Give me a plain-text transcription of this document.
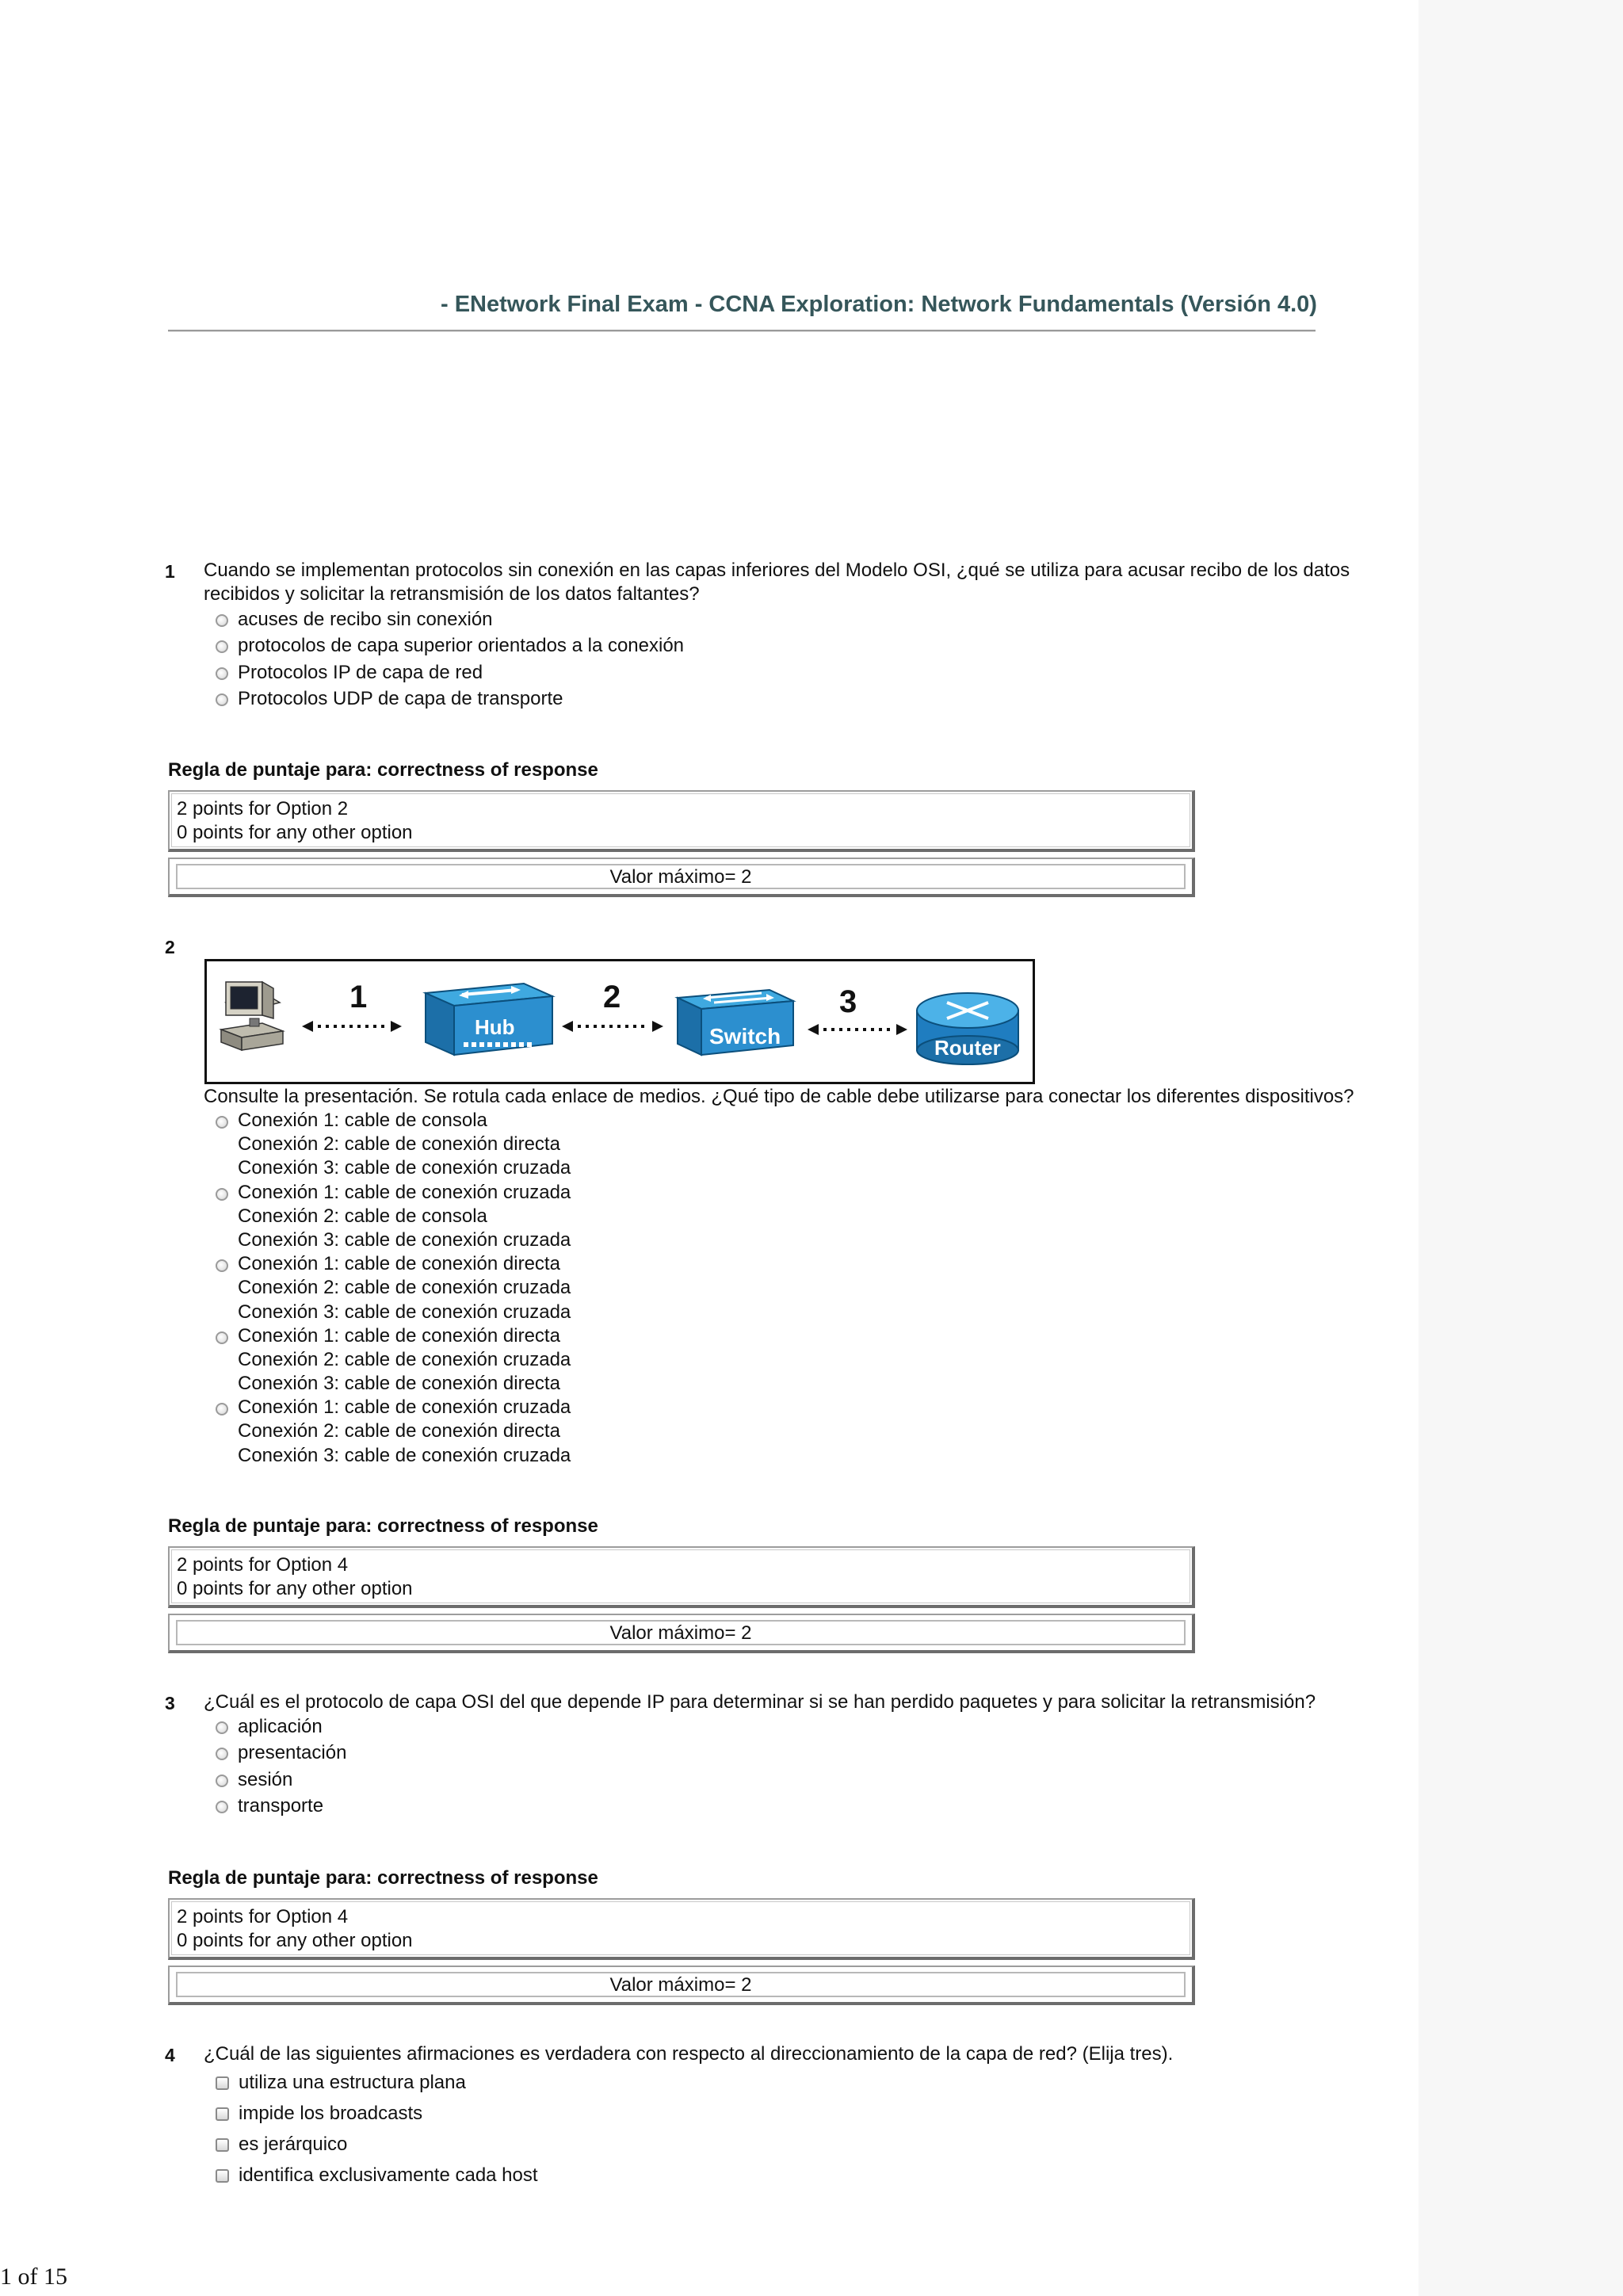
- ENetwork Final Exam - CCNA Exploration: Network Fundamentals (Versión 4.0)
1 Cuando se implementan protocolos sin conexión en las capas inferiores del Modelo OSI, ¿qué se utiliza para acusar recibo de los datos recibidos y solicitar la retransmisión de los datos faltantes?
acuses de recibo sin conexión
protocolos de capa superior orientados a la conexión
Protocolos IP de capa de red
Protocolos UDP de capa de transporte
Regla de puntaje para: correctness of response
2 points for Option 2
0 points for any other option
Valor máximo= 2
2
1
Hub
2
Switch
3
Router
Consulte la presentación. Se rotula cada enlace de medios. ¿Qué tipo de cable debe utilizarse para conectar los diferentes dispositivos?
Conexión 1: cable de consola
Conexión 2: cable de conexión directa
Conexión 3: cable de conexión cruzada
Conexión 1: cable de conexión cruzada
Conexión 2: cable de consola
Conexión 3: cable de conexión cruzada
Conexión 1: cable de conexión directa
Conexión 2: cable de conexión cruzada
Conexión 3: cable de conexión cruzada
Conexión 1: cable de conexión directa
Conexión 2: cable de conexión cruzada
Conexión 3: cable de conexión directa
Conexión 1: cable de conexión cruzada
Conexión 2: cable de conexión directa
Conexión 3: cable de conexión cruzada
Regla de puntaje para: correctness of response
2 points for Option 4
0 points for any other option
Valor máximo= 2
3 ¿Cuál es el protocolo de capa OSI del que depende IP para determinar si se han perdido paquetes y para solicitar la retransmisión?
aplicación
presentación
sesión
transporte
Regla de puntaje para: correctness of response
2 points for Option 4
0 points for any other option
Valor máximo= 2
4 ¿Cuál de las siguientes afirmaciones es verdadera con respecto al direccionamiento de la capa de red? (Elija tres).
utiliza una estructura plana
impide los broadcasts
es jerárquico
identifica exclusivamente cada host
1 of 15
